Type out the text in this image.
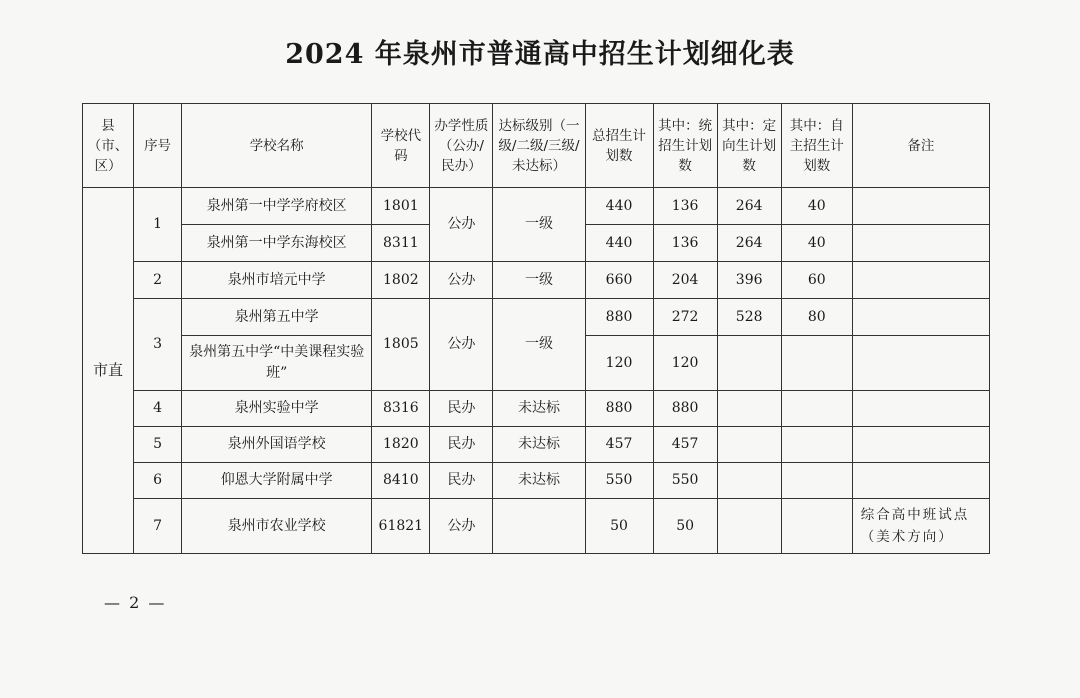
2024 年泉州市普通高中招生计划细化表
县（市、区）	序号	学校名称	学校代码	办学性质（公办/民办）	达标级别（一级/二级/三级/未达标）	总招生计划数	其中：统招生计划数	其中：定向生计划数	其中：自主招生计划数	备注
市直	1	泉州第一中学学府校区	1801	公办	一级	440	136	264	40	
		泉州第一中学东海校区	8311			440	136	264	40	
	2	泉州市培元中学	1802	公办	一级	660	204	396	60	
	3	泉州第五中学	1805	公办	一级	880	272	528	80	
		泉州第五中学“中美课程实验班”				120	120			
	4	泉州实验中学	8316	民办	未达标	880	880			
	5	泉州外国语学校	1820	民办	未达标	457	457			
	6	仰恩大学附属中学	8410	民办	未达标	550	550			
	7	泉州市农业学校	61821	公办		50	50			综合高中班试点（美术方向）
— 2 —
